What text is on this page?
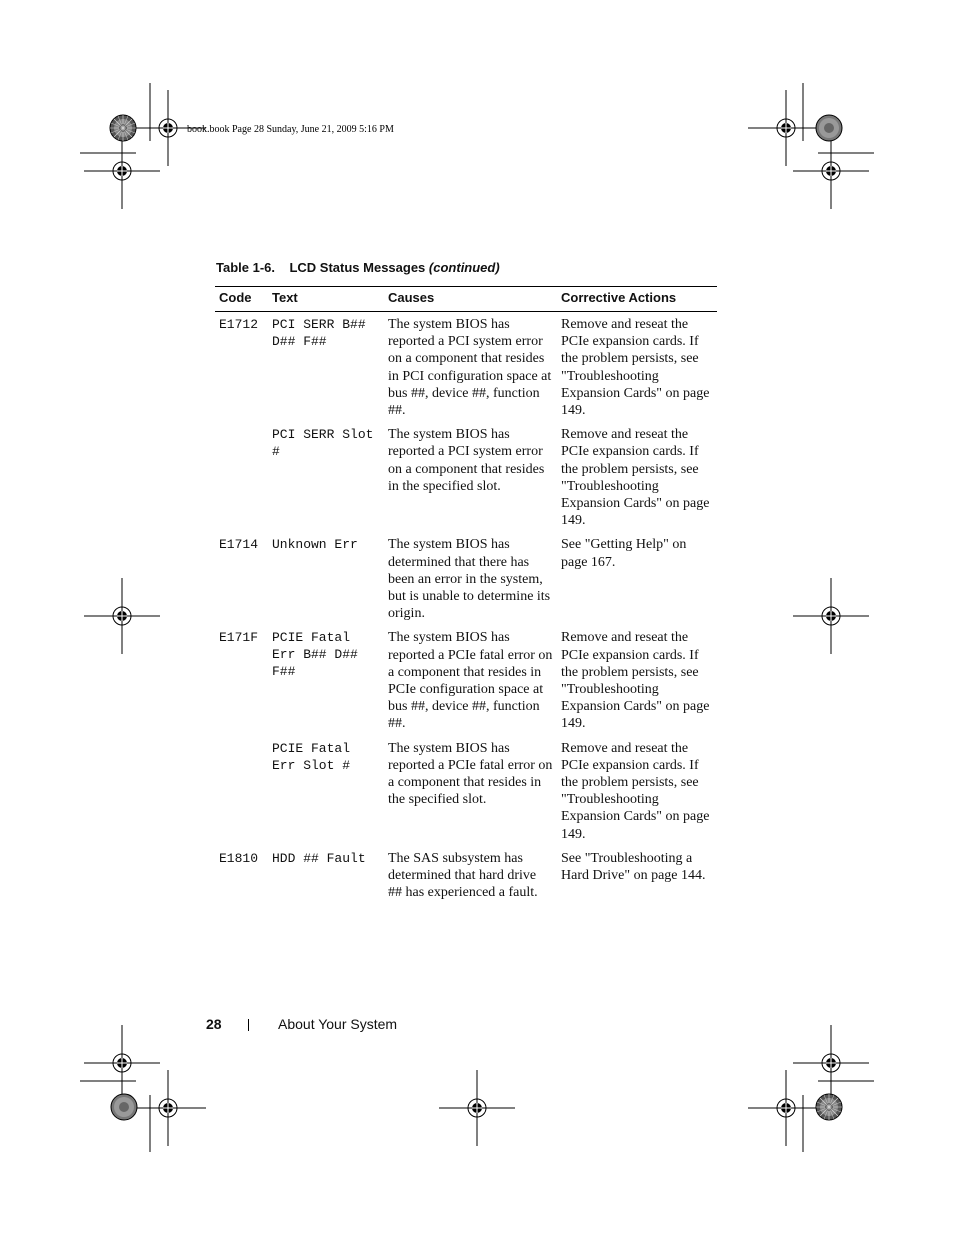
book.book Page 28 Sunday, June 21, 2009 5:16 PM
Table 1-6. LCD Status Messages (continued)
Code	Text	Causes	Corrective Actions
E1712	PCI SERR B## D## F##	The system BIOS has reported a PCI system error on a component that resides in PCI configuration space at bus ##, device ##, function ##.	Remove and reseat the PCIe expansion cards. If the problem persists, see "Troubleshooting Expansion Cards" on page 149.
	PCI SERR Slot #	The system BIOS has reported a PCI system error on a component that resides in the specified slot.	Remove and reseat the PCIe expansion cards. If the problem persists, see "Troubleshooting Expansion Cards" on page 149.
E1714	Unknown Err	The system BIOS has determined that there has been an error in the system, but is unable to determine its origin.	See "Getting Help" on page 167.
E171F	PCIE Fatal Err B## D## F##	The system BIOS has reported a PCIe fatal error on a component that resides in PCIe configuration space at bus ##, device ##, function ##.	Remove and reseat the PCIe expansion cards. If the problem persists, see "Troubleshooting Expansion Cards" on page 149.
	PCIE Fatal Err Slot #	The system BIOS has reported a PCIe fatal error on a component that resides in the specified slot.	Remove and reseat the PCIe expansion cards. If the problem persists, see "Troubleshooting Expansion Cards" on page 149.
E1810	HDD ## Fault	The SAS subsystem has determined that hard drive ## has experienced a fault.	See "Troubleshooting a Hard Drive" on page 144.
28	About Your System
